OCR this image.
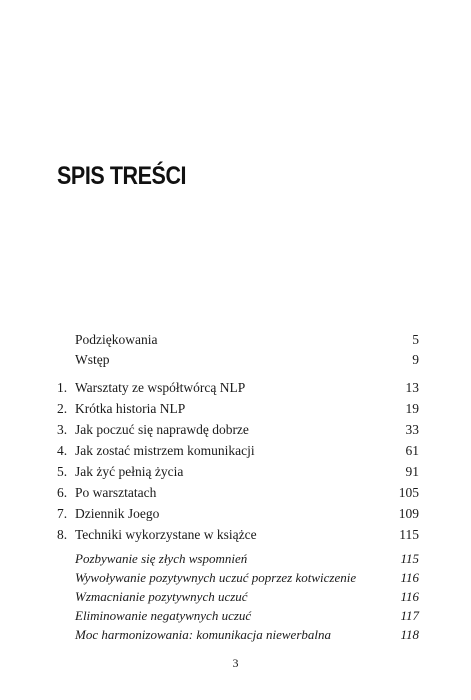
SPIS TREŚCI
Podziękowania	5
Wstęp	9
1. Warsztaty ze współtwórcą NLP	13
2. Krótka historia NLP	19
3. Jak poczuć się naprawdę dobrze	33
4. Jak zostać mistrzem komunikacji	61
5. Jak żyć pełnią życia	91
6. Po warsztatach	105
7. Dziennik Joego	109
8. Techniki wykorzystane w książce	115
Pozbywanie się złych wspomnień	115
Wywoływanie pozytywnych uczuć poprzez kotwiczenie	116
Wzmacnianie pozytywnych uczuć	116
Eliminowanie negatywnych uczuć	117
Moc harmonizowania: komunikacja niewerbalna	118
3
